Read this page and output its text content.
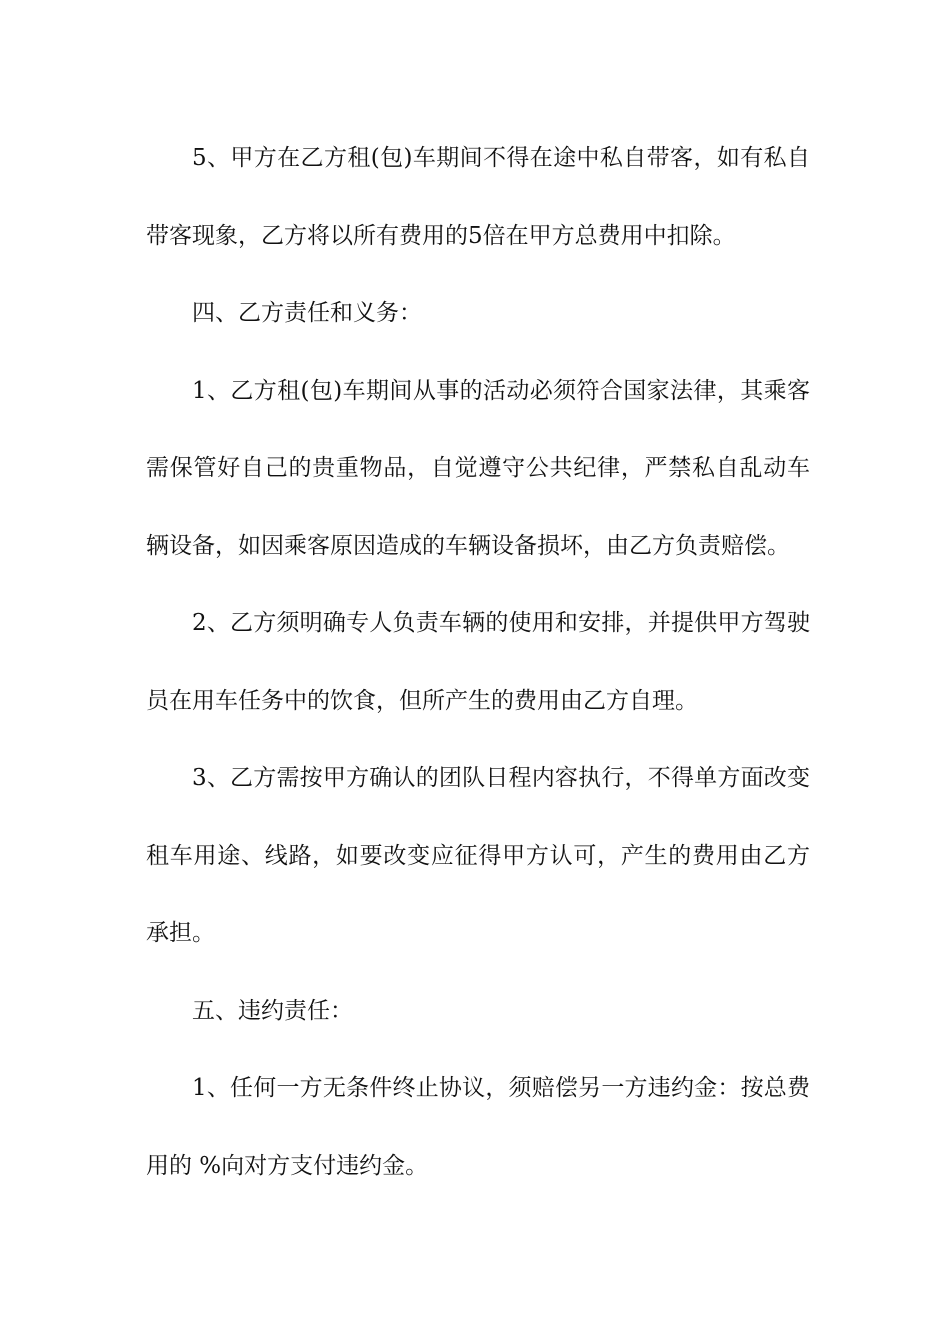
5、甲方在乙方租(包)车期间不得在途中私自带客，如有私自带客现象，乙方将以所有费用的5倍在甲方总费用中扣除。

四、乙方责任和义务：

1、乙方租(包)车期间从事的活动必须符合国家法律，其乘客需保管好自己的贵重物品，自觉遵守公共纪律，严禁私自乱动车辆设备，如因乘客原因造成的车辆设备损坏，由乙方负责赔偿。

2、乙方须明确专人负责车辆的使用和安排，并提供甲方驾驶员在用车任务中的饮食，但所产生的费用由乙方自理。

3、乙方需按甲方确认的团队日程内容执行，不得单方面改变租车用途、线路，如要改变应征得甲方认可，产生的费用由乙方承担。

五、违约责任：

1、任何一方无条件终止协议，须赔偿另一方违约金：按总费用的 %向对方支付违约金。
